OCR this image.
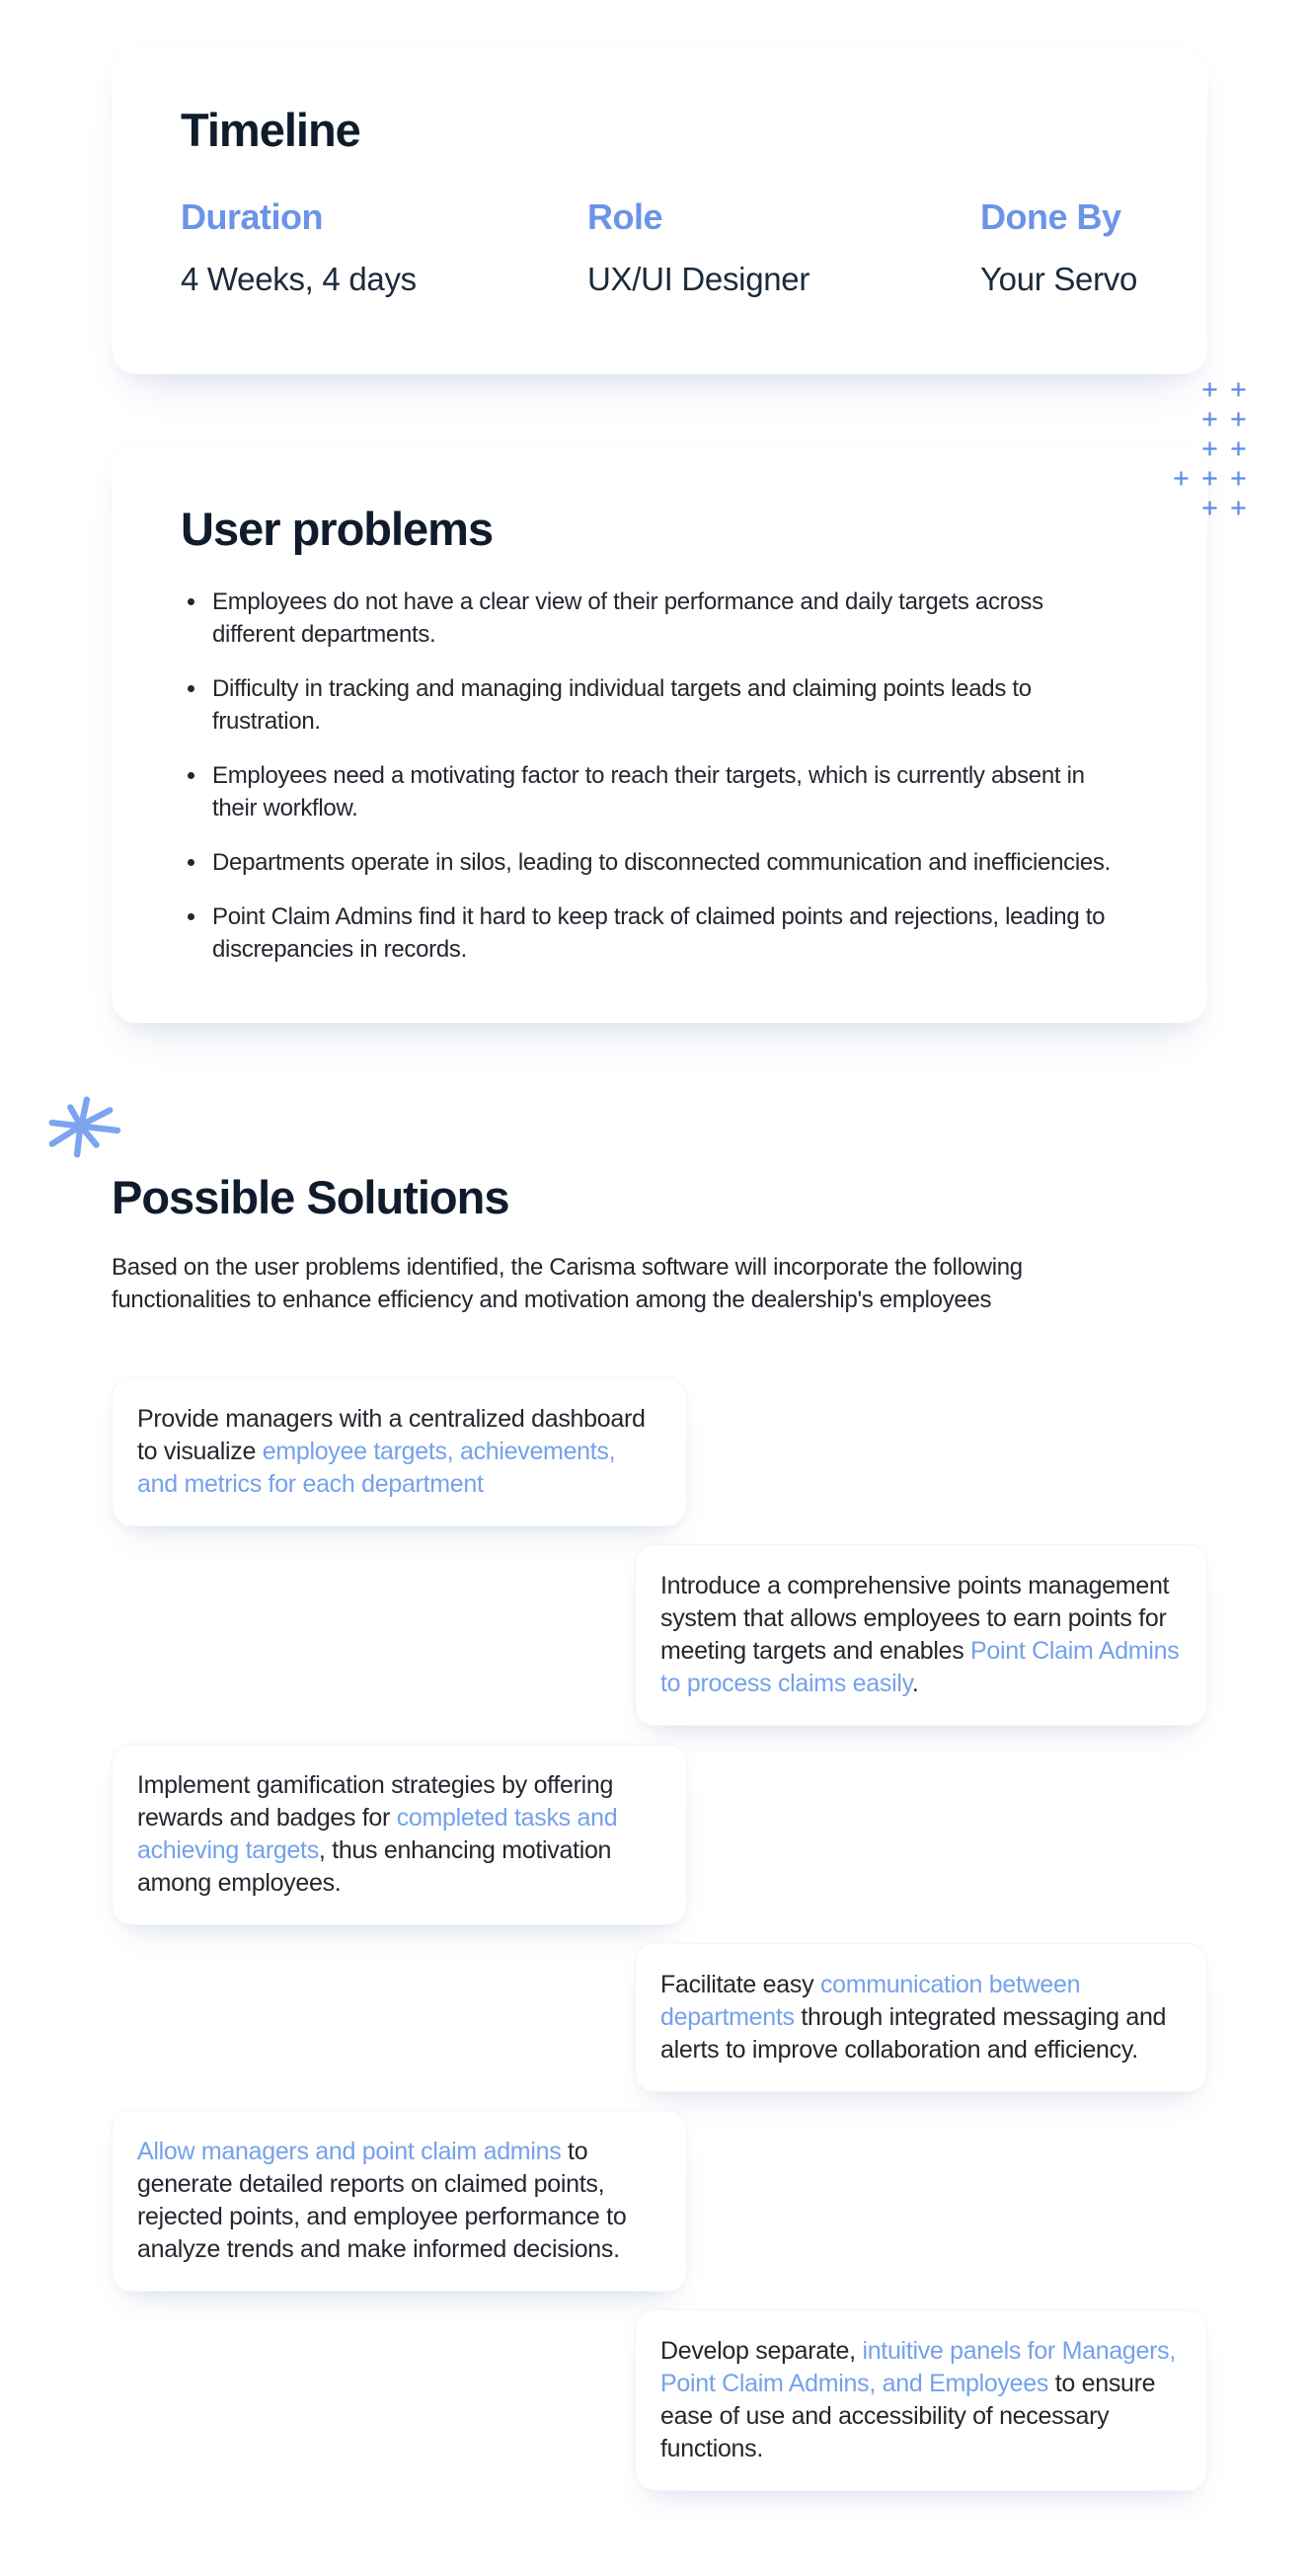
Timeline
Duration
4 Weeks, 4 days
Role
UX/UI Designer
Done By
Your Servo
User problems
Employees do not have a clear view of their performance and daily targets across different departments.
Difficulty in tracking and managing individual targets and claiming points leads to frustration.
Employees need a motivating factor to reach their targets, which is currently absent in their workflow.
Departments operate in silos, leading to disconnected communication and inefficiencies.
Point Claim Admins find it hard to keep track of claimed points and rejections, leading to discrepancies in records.
Possible Solutions

Based on the user problems identified, the Carisma software will incorporate the following functionalities to enhance efficiency and motivation among the dealership's employees

Provide managers with a centralized dashboard to visualize employee targets, achievements, and metrics for each department

Introduce a comprehensive points management system that allows employees to earn points for meeting targets and enables Point Claim Admins to process claims easily.

Implement gamification strategies by offering rewards and badges for completed tasks and achieving targets, thus enhancing motivation among employees.

Facilitate easy communication between departments through integrated messaging and alerts to improve collaboration and efficiency.

Allow managers and point claim admins to generate detailed reports on claimed points, rejected points, and employee performance to analyze trends and make informed decisions.

Develop separate, intuitive panels for Managers, Point Claim Admins, and Employees to ensure ease of use and accessibility of necessary functions.
